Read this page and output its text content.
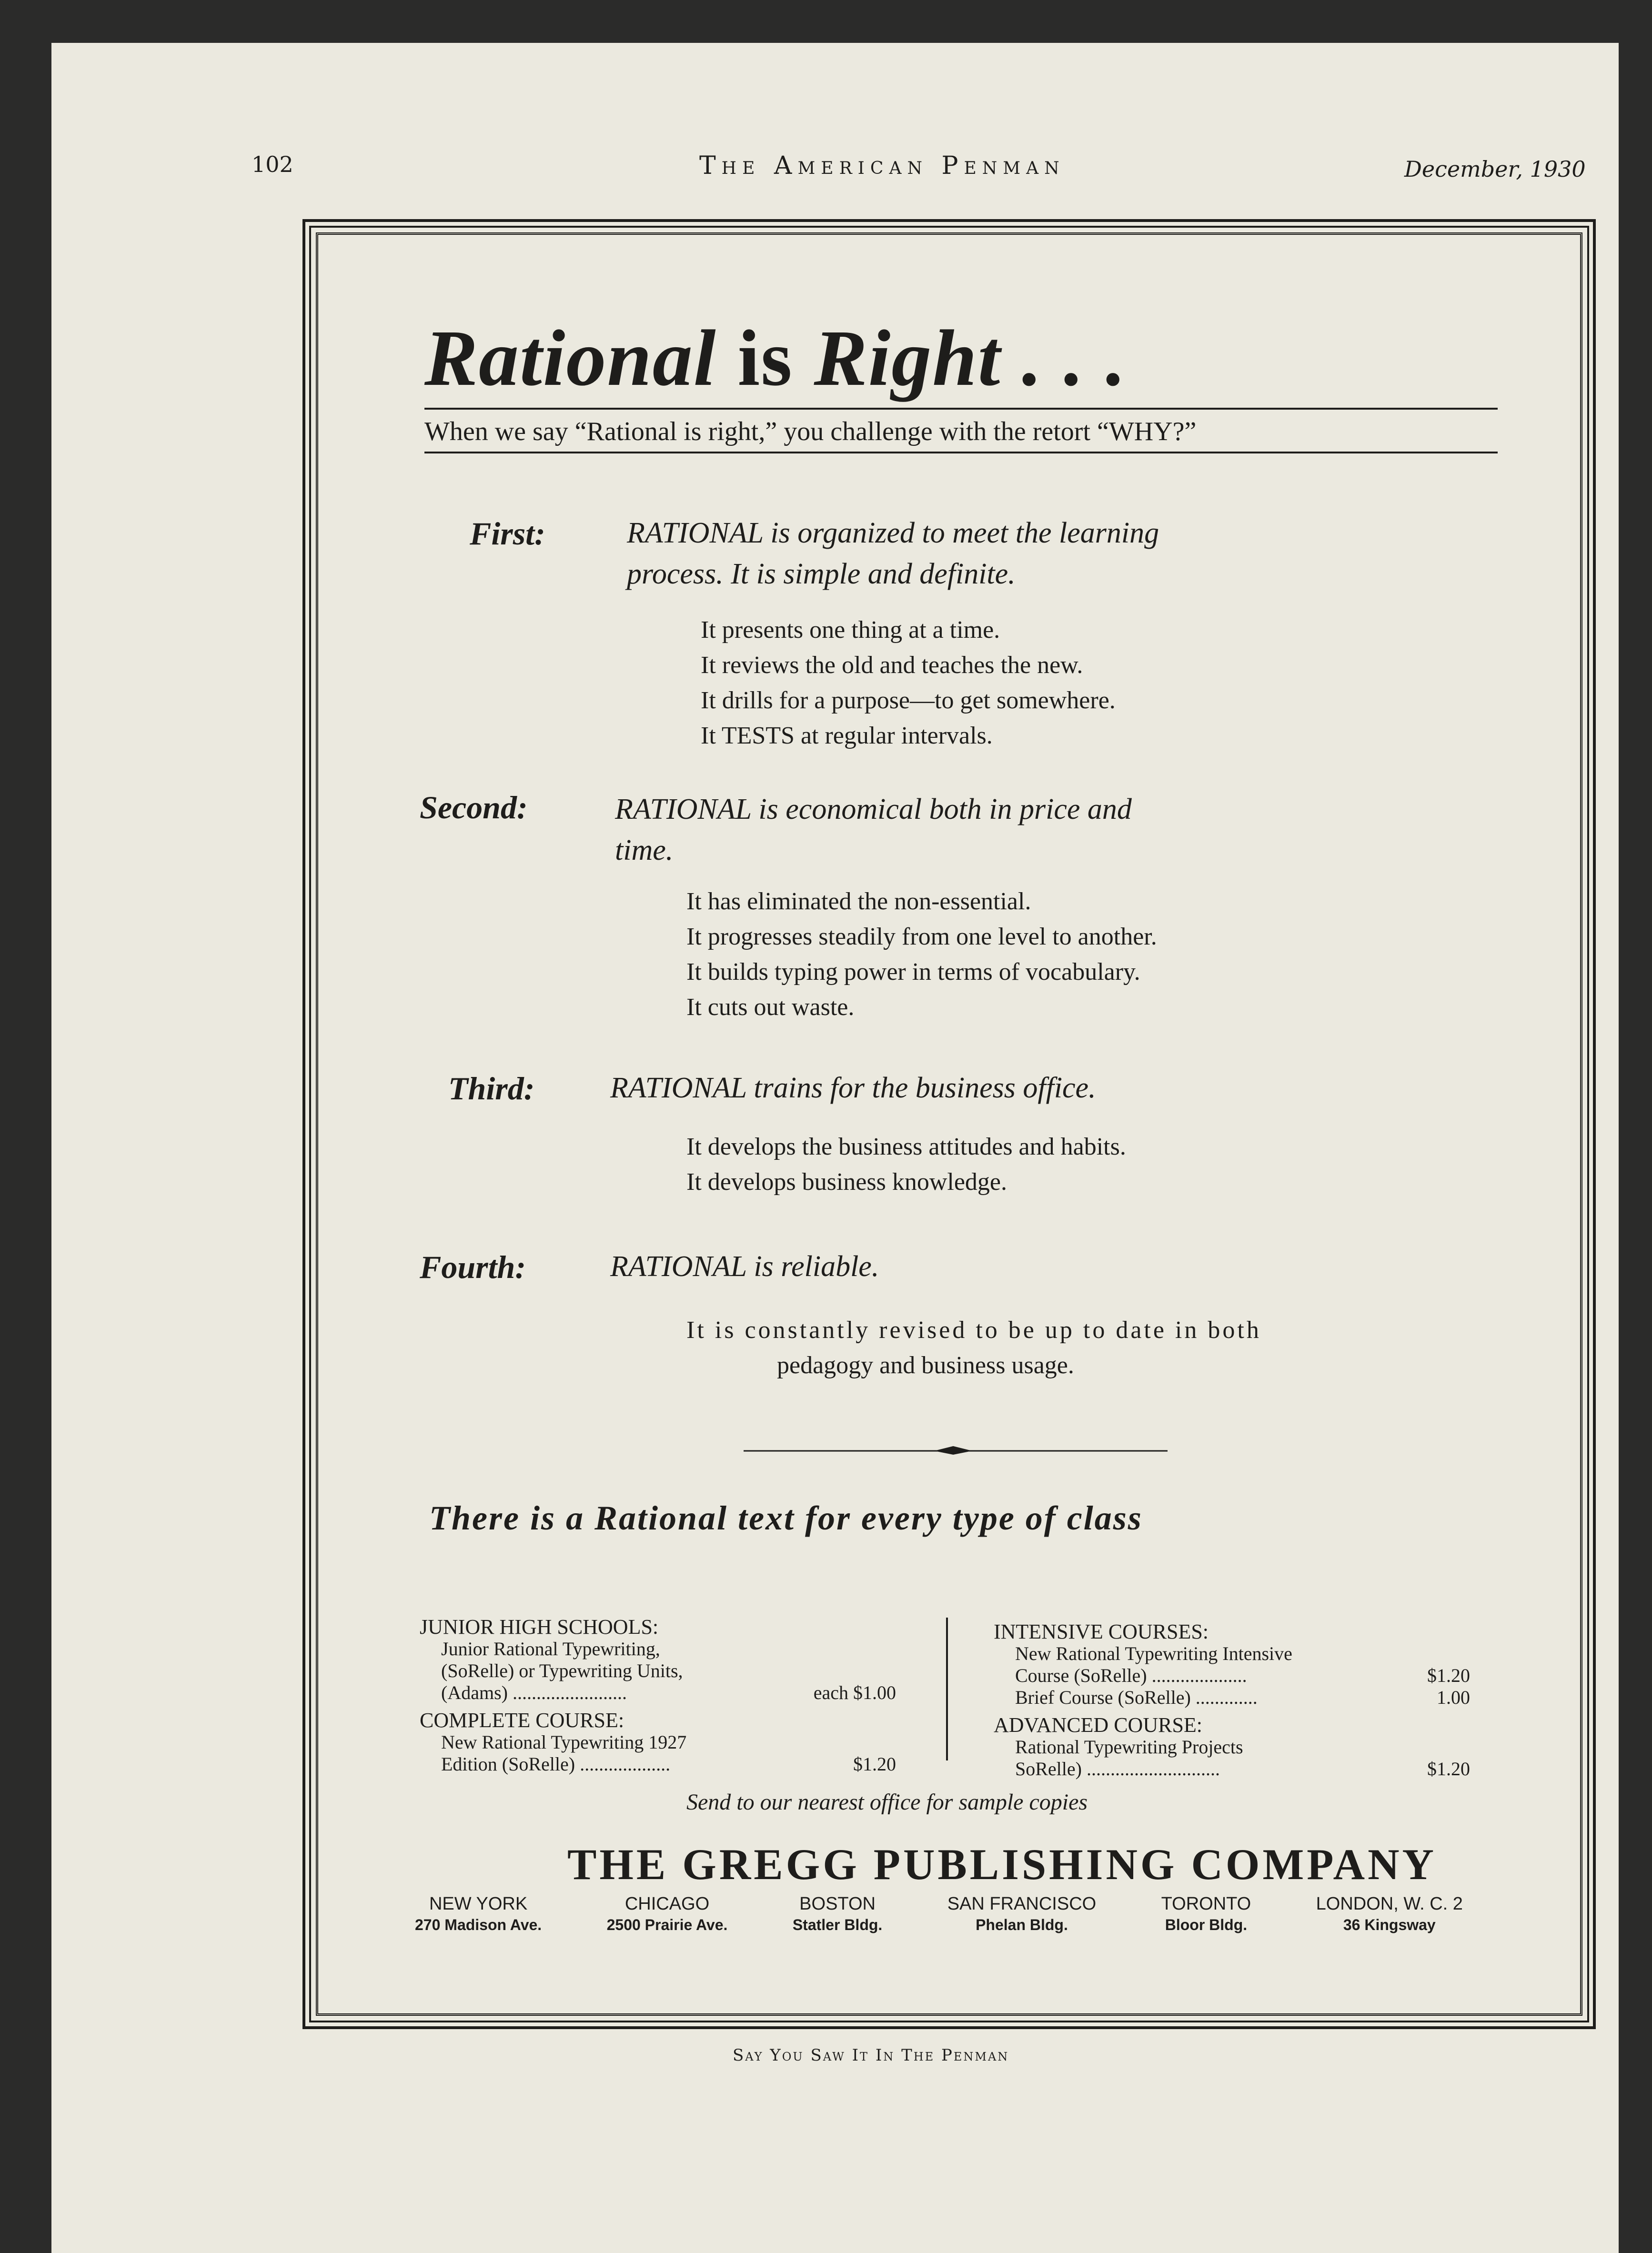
102	The American Penman	December, 1930
Rational is Right . . .
When we say “Rational is right,” you challenge with the retort “WHY?”
First:	RATIONAL is organized to meet the learning
process. It is simple and definite.
It presents one thing at a time.
It reviews the old and teaches the new.
It drills for a purpose—to get somewhere.
It TESTS at regular intervals.
Second:	RATIONAL is economical both in price and
time.
It has eliminated the non-essential.
It progresses steadily from one level to another.
It builds typing power in terms of vocabulary.
It cuts out waste.
Third:	RATIONAL trains for the business office.
It develops the business attitudes and habits.
It develops business knowledge.
Fourth:	RATIONAL is reliable.
It is constantly revised to be up to date in both
pedagogy and business usage.
There is a Rational text for every type of class
JUNIOR HIGH SCHOOLS:
Junior Rational Typewriting,
(SoRelle) or Typewriting Units,
(Adams) ........................	each $1.00
COMPLETE COURSE:
New Rational Typewriting 1927
Edition (SoRelle) ...................	$1.20
INTENSIVE COURSES:
New Rational Typewriting Intensive
Course (SoRelle) ....................	$1.20
Brief Course (SoRelle) .............	1.00
ADVANCED COURSE:
Rational Typewriting Projects
SoRelle) ............................	$1.20
Send to our nearest office for sample copies
THE GREGG PUBLISHING COMPANY
NEW YORK
270 Madison Ave.
CHICAGO
2500 Prairie Ave.
BOSTON
Statler Bldg.
SAN FRANCISCO
Phelan Bldg.
TORONTO
Bloor Bldg.
LONDON, W. C. 2
36 Kingsway
Say You Saw It In The Penman
